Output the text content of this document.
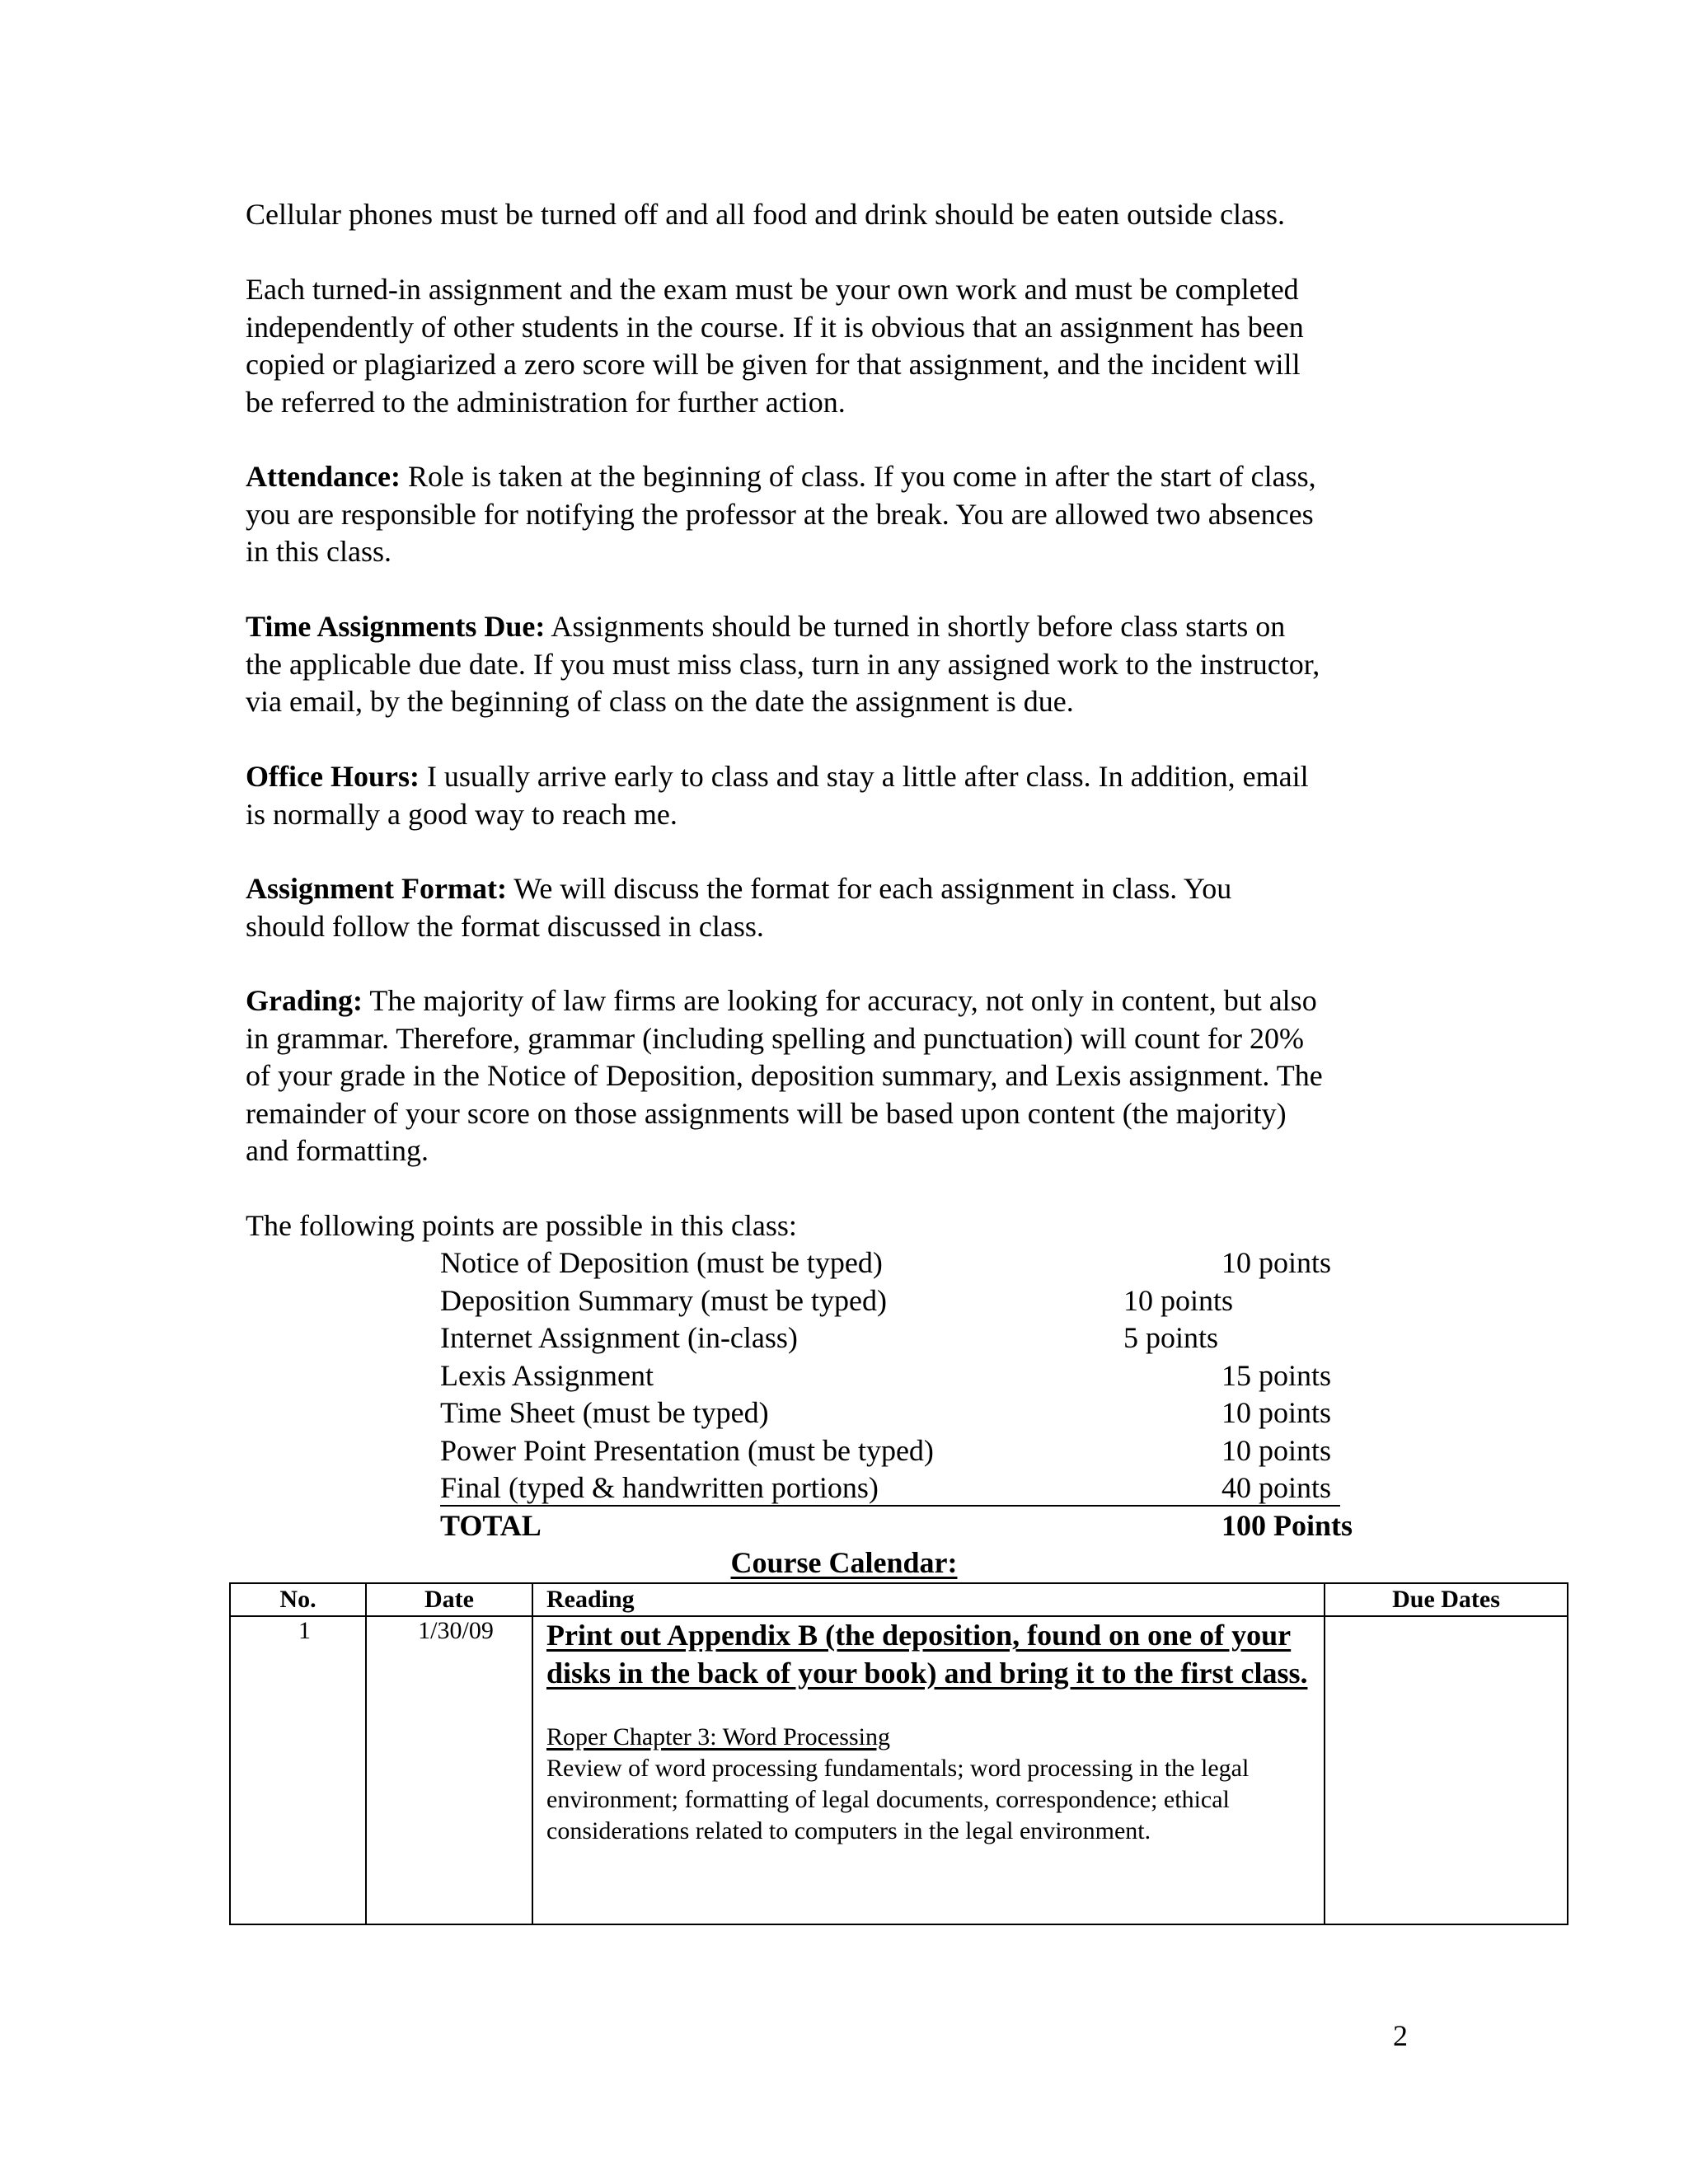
Cellular phones must be turned off and all food and drink should be eaten outside class.

Each turned-in assignment and the exam must be your own work and must be completed
independently of other students in the course. If it is obvious that an assignment has been
copied or plagiarized a zero score will be given for that assignment, and the incident will
be referred to the administration for further action.

Attendance: Role is taken at the beginning of class. If you come in after the start of class,
you are responsible for notifying the professor at the break. You are allowed two absences
in this class.

Time Assignments Due: Assignments should be turned in shortly before class starts on
the applicable due date. If you must miss class, turn in any assigned work to the instructor,
via email, by the beginning of class on the date the assignment is due.

Office Hours: I usually arrive early to class and stay a little after class. In addition, email
is normally a good way to reach me.

Assignment Format: We will discuss the format for each assignment in class. You
should follow the format discussed in class.

Grading: The majority of law firms are looking for accuracy, not only in content, but also
in grammar. Therefore, grammar (including spelling and punctuation) will count for 20%
of your grade in the Notice of Deposition, deposition summary, and Lexis assignment. The
remainder of your score on those assignments will be based upon content (the majority)
and formatting.

The following points are possible in this class:

Notice of Deposition (must be typed)	10 points
Deposition Summary (must be typed)	10 points
Internet Assignment (in-class)	5 points
Lexis Assignment	15 points
Time Sheet (must be typed)	10 points
Power Point Presentation (must be typed)	10 points
Final (typed & handwritten portions)	40 points
TOTAL	100 Points
Course Calendar:
No.	Date	Reading	Due Dates
1	1/30/09	Print out Appendix B (the deposition, found on one of your disks in the back of your book) and bring it to the first class.
Roper Chapter 3: Word Processing
Review of word processing fundamentals; word processing in the legal environment; formatting of legal documents, correspondence; ethical considerations related to computers in the legal environment.	

2
